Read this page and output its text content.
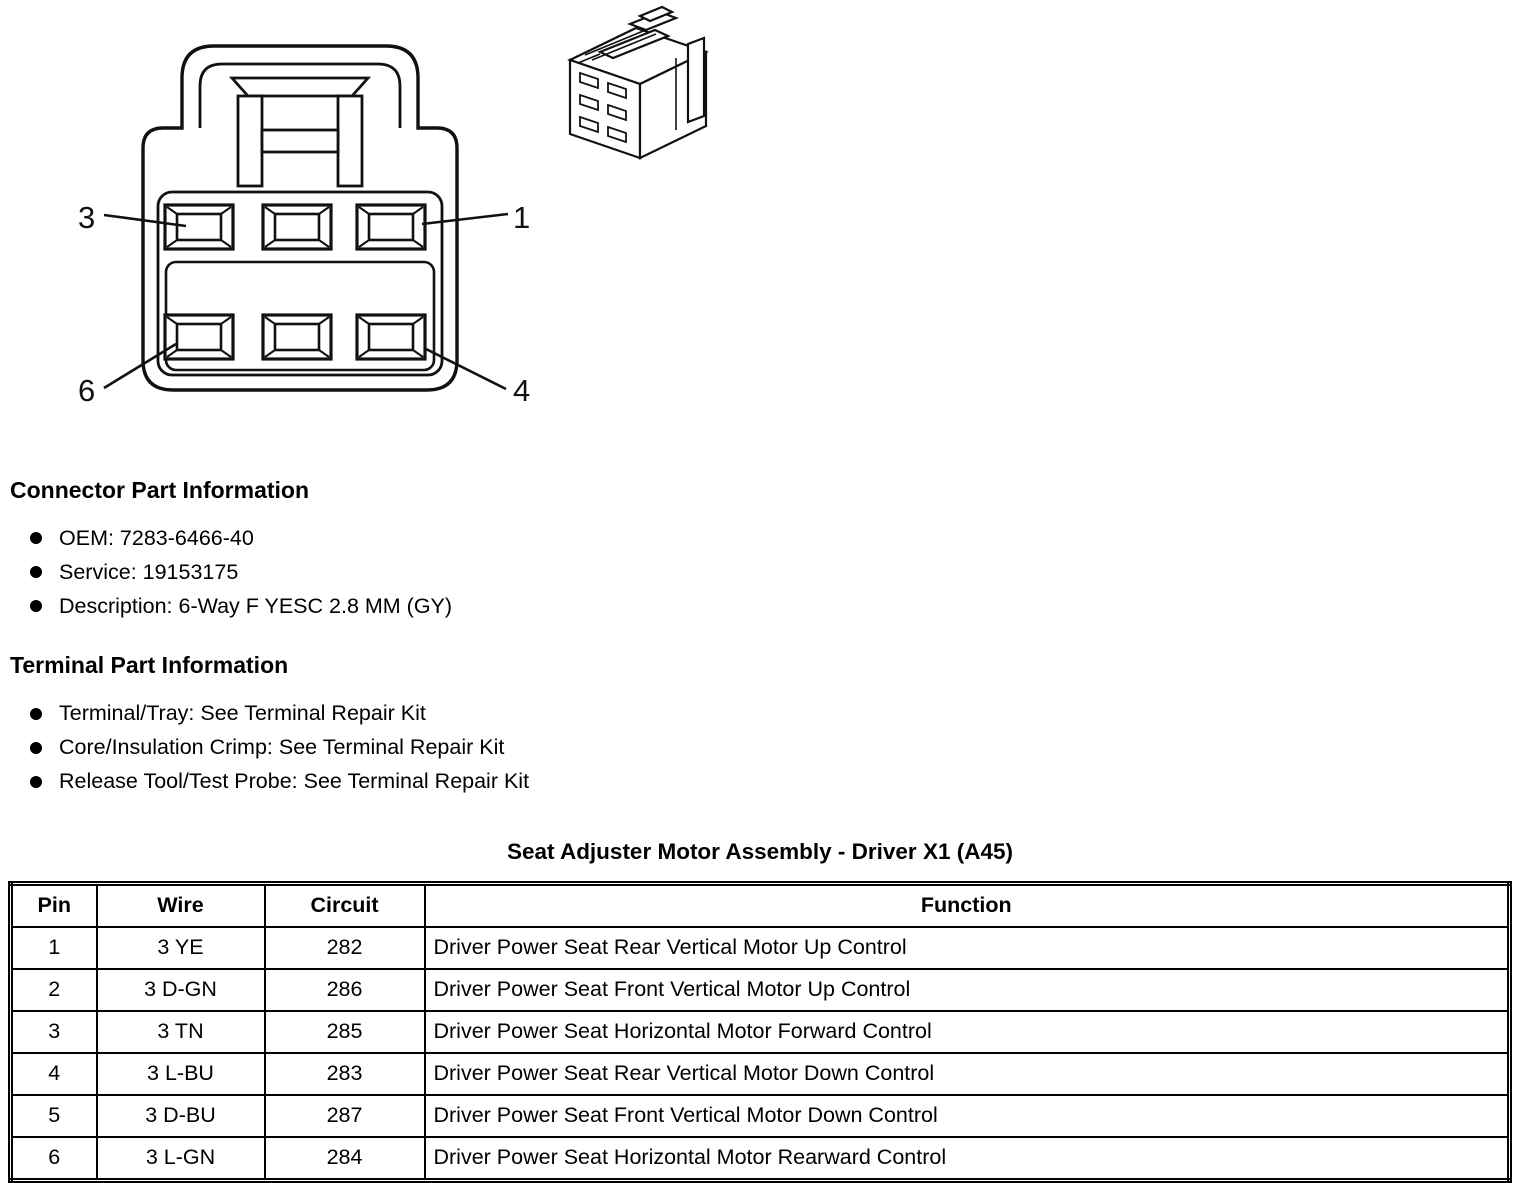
3	1
6	4
Connector Part Information
OEM: 7283-6466-40
Service: 19153175
Description: 6-Way F YESC 2.8 MM (GY)
Terminal Part Information
Terminal/Tray: See Terminal Repair Kit
Core/Insulation Crimp: See Terminal Repair Kit
Release Tool/Test Probe: See Terminal Repair Kit
Seat Adjuster Motor Assembly - Driver X1 (A45)
Pin	Wire	Circuit	Function
1	3 YE	282	Driver Power Seat Rear Vertical Motor Up Control
2	3 D-GN	286	Driver Power Seat Front Vertical Motor Up Control
3	3 TN	285	Driver Power Seat Horizontal Motor Forward Control
4	3 L-BU	283	Driver Power Seat Rear Vertical Motor Down Control
5	3 D-BU	287	Driver Power Seat Front Vertical Motor Down Control
6	3 L-GN	284	Driver Power Seat Horizontal Motor Rearward Control
